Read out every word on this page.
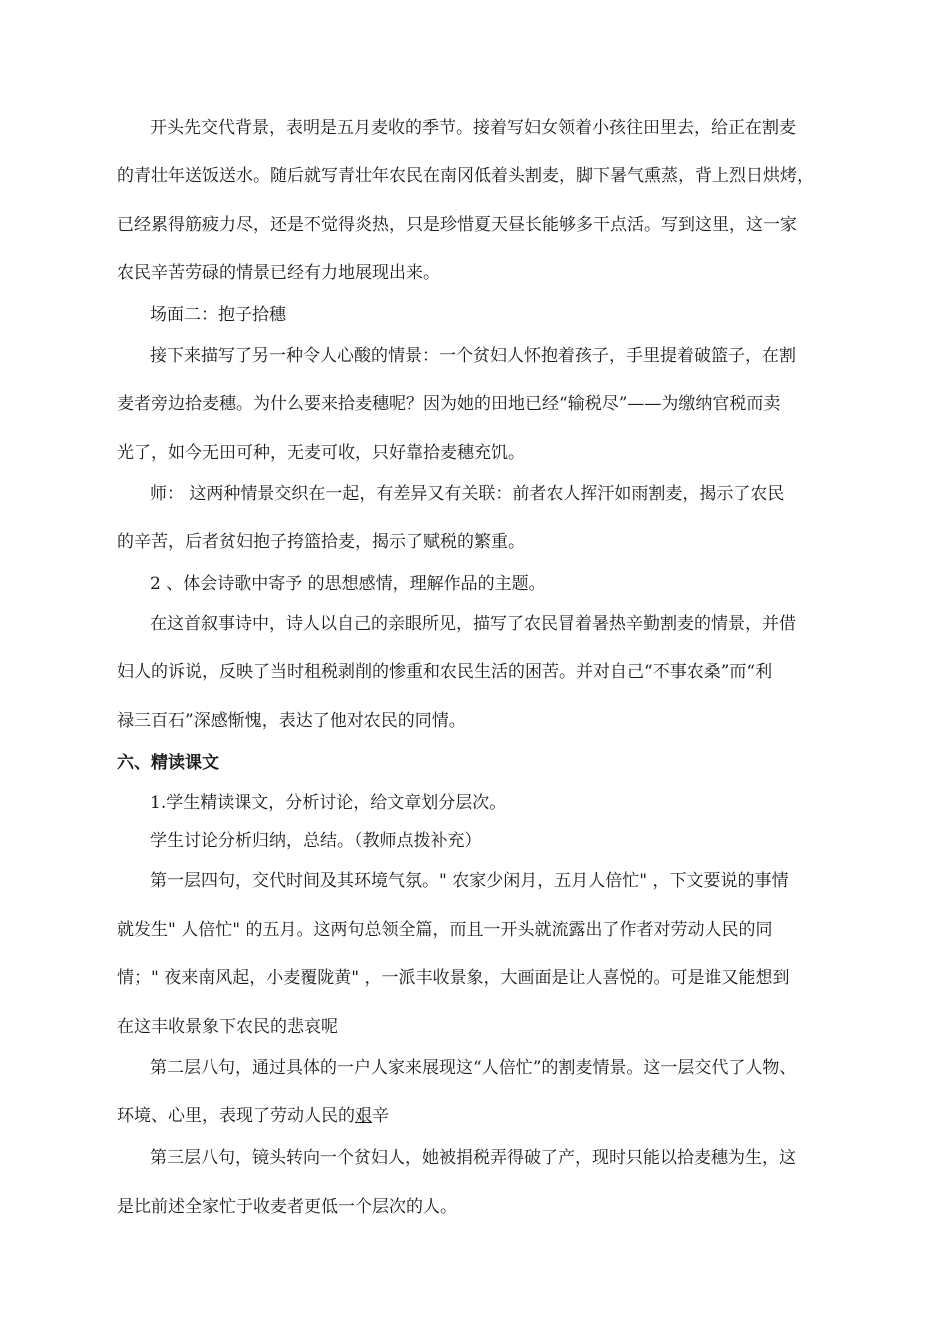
开头先交代背景，表明是五月麦收的季节。接着写妇女领着小孩往田里去，给正在割麦

的青壮年送饭送水。随后就写青壮年农民在南冈低着头割麦，脚下暑气熏蒸，背上烈日烘烤，

已经累得筋疲力尽，还是不觉得炎热，只是珍惜夏天昼长能够多干点活。写到这里，这一家

农民辛苦劳碌的情景已经有力地展现出来。

场面二：抱子拾穗

接下来描写了另一种令人心酸的情景：一个贫妇人怀抱着孩子，手里提着破篮子，在割

麦者旁边拾麦穗。为什么要来拾麦穗呢？因为她的田地已经“输税尽”——为缴纳官税而卖

光了，如今无田可种，无麦可收，只好靠拾麦穗充饥。

师： 这两种情景交织在一起，有差异又有关联：前者农人挥汗如雨割麦，揭示了农民

的辛苦，后者贫妇抱子挎篮拾麦，揭示了赋税的繁重。

2 、体会诗歌中寄予 的思想感情，理解作品的主题。

在这首叙事诗中，诗人以自己的亲眼所见，描写了农民冒着暑热辛勤割麦的情景，并借

妇人的诉说，反映了当时租税剥削的惨重和农民生活的困苦。并对自己“不事农桑”而“利

禄三百石”深感惭愧，表达了他对农民的同情。

六、精读课文

1.学生精读课文，分析讨论，给文章划分层次。

学生讨论分析归纳，总结。（教师点拨补充）

第一层四句，交代时间及其环境气氛。" 农家少闲月，五月人倍忙" ，下文要说的事情

就发生" 人倍忙" 的五月。这两句总领全篇，而且一开头就流露出了作者对劳动人民的同

情；" 夜来南风起，小麦覆陇黄" ，一派丰收景象，大画面是让人喜悦的。可是谁又能想到

在这丰收景象下农民的悲哀呢

第二层八句，通过具体的一户人家来展现这“人倍忙”的割麦情景。这一层交代了人物、

环境、心里，表现了劳动人民的艰辛

第三层八句，镜头转向一个贫妇人，她被捐税弄得破了产，现时只能以拾麦穗为生，这

是比前述全家忙于收麦者更低一个层次的人。
